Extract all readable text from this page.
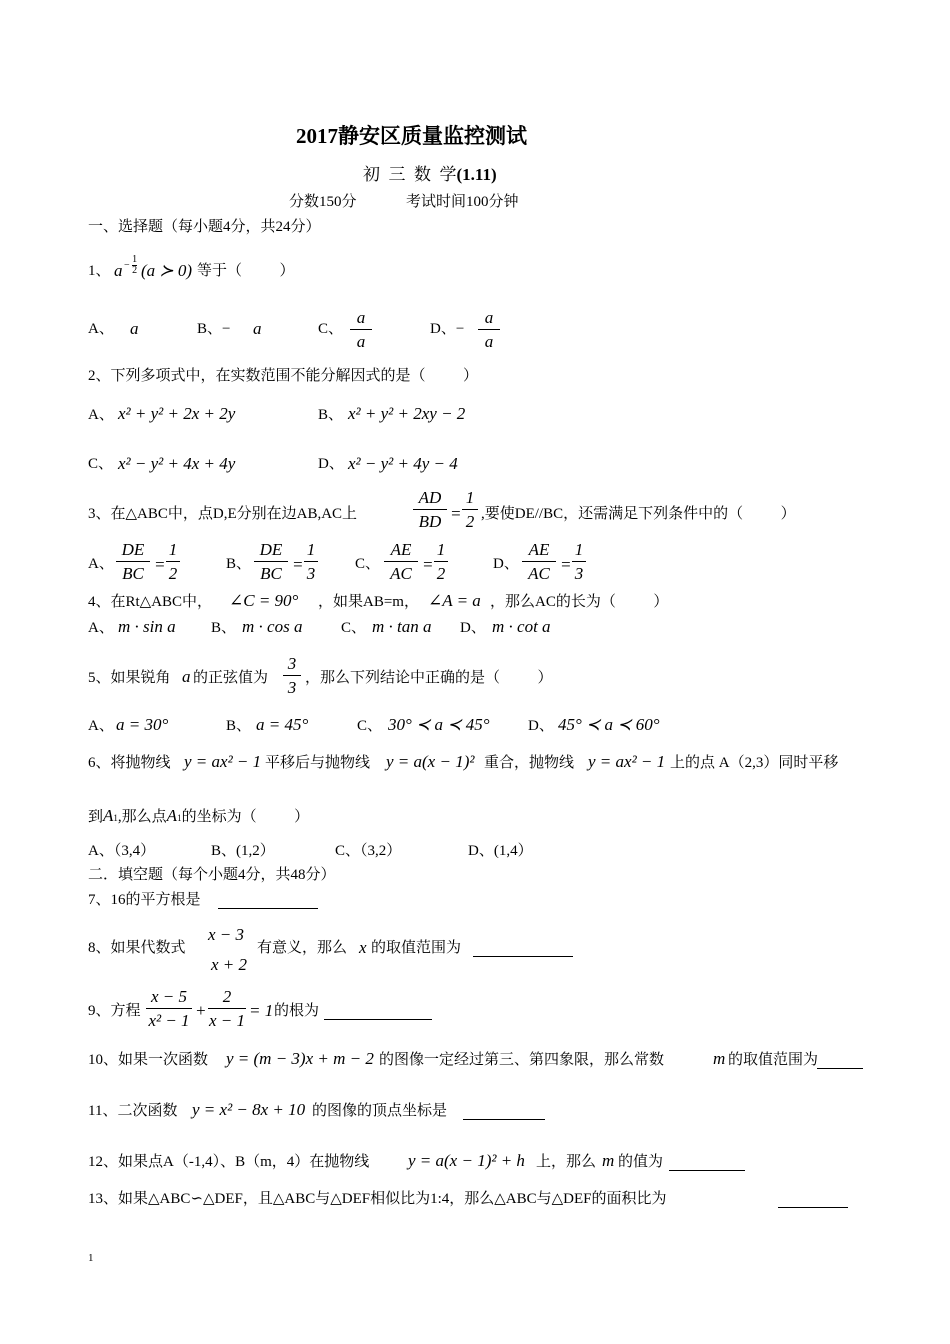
2017静安区质量监控测试
初  三  数  学(1.11)
分数150分	考试时间100分钟
一、选择题（每小题4分，共24分）
1、 $a - \frac{1}{2} (a$ ≻ 0) 等于（          ）
A、 a	B、− a	C、
a
a
D、−
a
a
2、下列多项式中，在实数范围不能分解因式的是（          ）
A、 x² + y² + 2x + 2y	B、 x² + y² + 2xy − 2
C、 x² − y² + 4x + 4y	D、 x² − y² + 4y − 4
3、在△ABC中，点D,E分别在边AB,AC上
AD
BD =
1
2 ,要使DE//BC，还需满足下列条件中的（          ）
A、
DE
BC =
1
2	B、
DE
BC =
1
3	C、
AE
AC =
1
2	D、
AE
AC =
1
3
4、在Rt△ABC中， ∠C = 90° ，如果AB=m， ∠A = a ，那么AC的长为（          ）
A、 m · sin a B、 m · cos a	C、 m · tan a D、 m · cot a
5、如果锐角 a 的正弦值为
3
3 ，那么下列结论中正确的是（          ）
A、 a = 30°	B、 a = 45°	C、 30° ≺ a ≺ 45°	D、 45° ≺ a ≺ 60°
6、将抛物线 y = ax² − 1 平移后与抛物线 y = a(x − 1)² 重合，抛物线 y = ax² − 1 上的点 A（2,3）同时平移
到A1,那么点A1的坐标为（          ）
A、（3,4）	B、(1,2）	C、（3,2）	D、(1,4）
二．填空题（每个小题4分，共48分）
7、16的平方根是
8、如果代数式
x − 3
x + 2
有意义，那么 x 的取值范围为
9、方程
x − 5
x² − 1
+
2
x − 1
= 1 的根为
10、如果一次函数 y = (m − 3)x + m − 2 的图像一定经过第三、第四象限，那么常数	m 的取值范围为
11、二次函数 y = x² − 8x + 10 的图像的顶点坐标是
12、如果点A（-1,4）、B（m，4）在抛物线 y = a(x − 1)² + h 上，那么 m 的值为
13、如果△ABC∽△DEF，且△ABC与△DEF相似比为1:4，那么△ABC与△DEF的面积比为
1
